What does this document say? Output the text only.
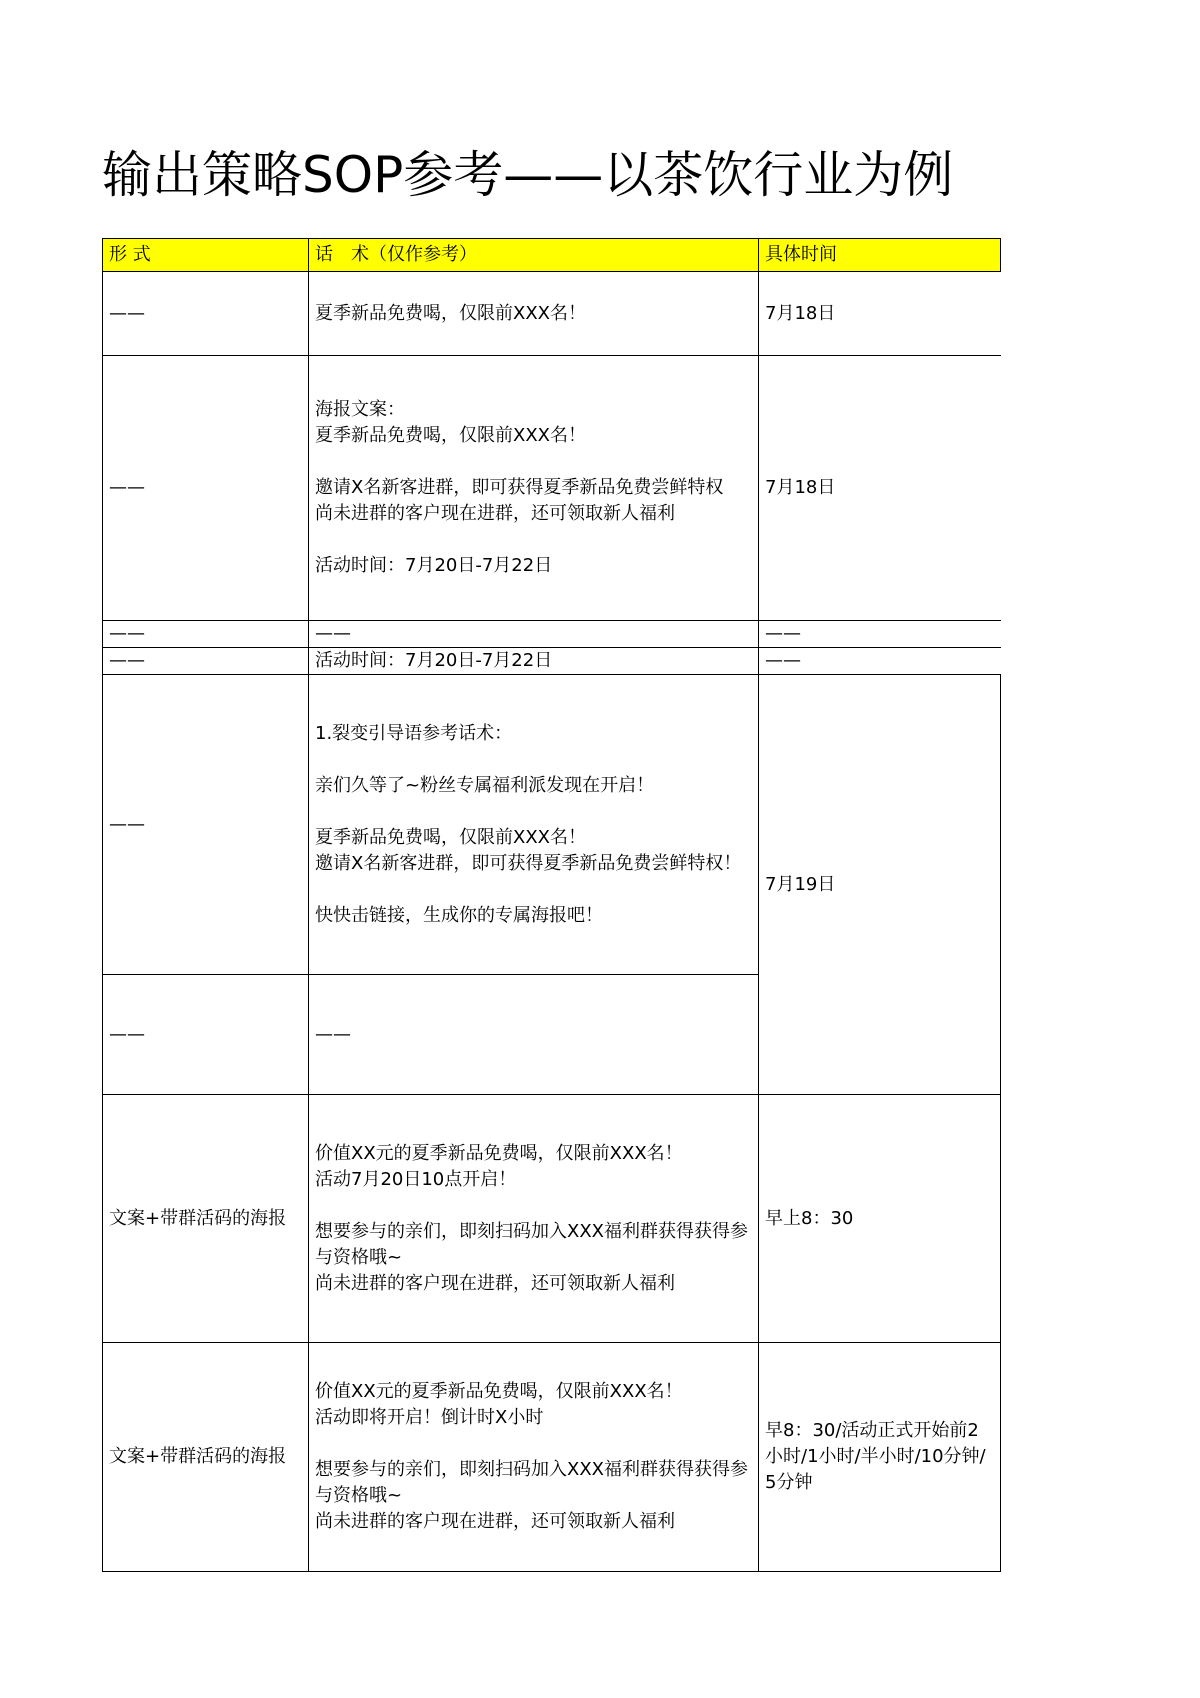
输出策略SOP参考——以茶饮行业为例
形 式	话　术（仅作参考）	具体时间
——	夏季新品免费喝，仅限前XXX名！	7月18日
——	海报文案：
夏季新品免费喝，仅限前XXX名！

邀请X名新客进群，即可获得夏季新品免费尝鲜特权
尚未进群的客户现在进群，还可领取新人福利

活动时间：7月20日-7月22日	7月18日
——	——	——
——	活动时间：7月20日-7月22日	——
——	1.裂变引导语参考话术：

亲们久等了~粉丝专属福利派发现在开启！

夏季新品免费喝，仅限前XXX名！
邀请X名新客进群，即可获得夏季新品免费尝鲜特权！

快快击链接，生成你的专属海报吧！	7月19日
——	——	
文案+带群活码的海报	价值XX元的夏季新品免费喝，仅限前XXX名！
活动7月20日10点开启！

想要参与的亲们，即刻扫码加入XXX福利群获得获得参与资格哦~
尚未进群的客户现在进群，还可领取新人福利	早上8：30
文案+带群活码的海报	价值XX元的夏季新品免费喝，仅限前XXX名！
活动即将开启！倒计时X小时

想要参与的亲们，即刻扫码加入XXX福利群获得获得参与资格哦~
尚未进群的客户现在进群，还可领取新人福利	早8：30/活动正式开始前2小时/1小时/半小时/10分钟/5分钟
